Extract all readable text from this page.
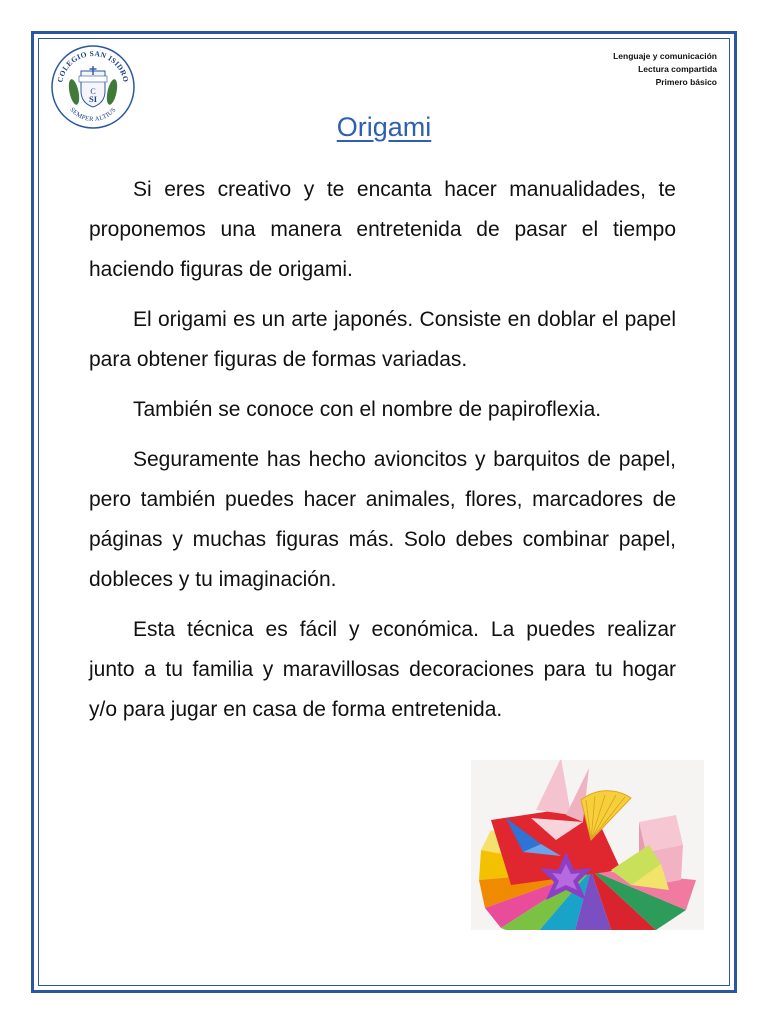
COLEGIO SAN ISIDRO
SEMPER ALTIUS
C
SI
Lenguaje y comunicación
Lectura compartida
Primero básico
Origami

Si eres creativo y te encanta hacer manualidades, te proponemos una manera entretenida de pasar el tiempo haciendo figuras de origami.

El origami es un arte japonés. Consiste en doblar el papel para obtener figuras de formas variadas.

También se conoce con el nombre de papiroflexia.

Seguramente has hecho avioncitos y barquitos de papel, pero también puedes hacer animales, flores, marcadores de páginas y muchas figuras más. Solo debes combinar papel, dobleces y tu imaginación.

Esta técnica es fácil y económica. La puedes realizar junto a tu familia y maravillosas decoraciones para tu hogar y/o para jugar en casa de forma entretenida.
